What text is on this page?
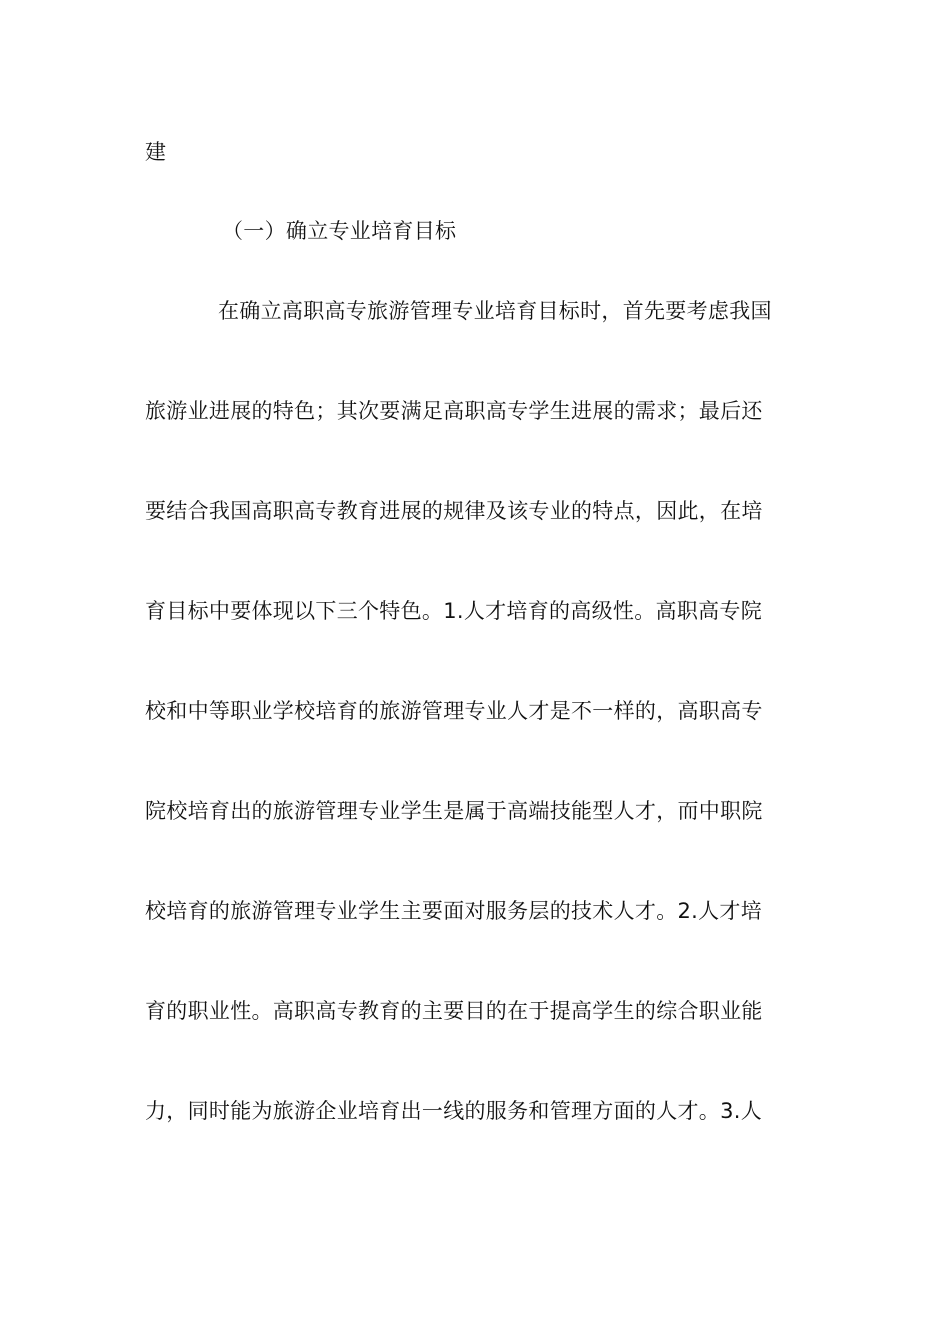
建
（一）确立专业培育目标
在确立高职高专旅游管理专业培育目标时，首先要考虑我国
旅游业进展的特色；其次要满足高职高专学生进展的需求；最后还
要结合我国高职高专教育进展的规律及该专业的特点，因此，在培
育目标中要体现以下三个特色。1.人才培育的高级性。高职高专院
校和中等职业学校培育的旅游管理专业人才是不一样的，高职高专
院校培育出的旅游管理专业学生是属于高端技能型人才，而中职院
校培育的旅游管理专业学生主要面对服务层的技术人才。2.人才培
育的职业性。高职高专教育的主要目的在于提高学生的综合职业能
力，同时能为旅游企业培育出一线的服务和管理方面的人才。3.人
